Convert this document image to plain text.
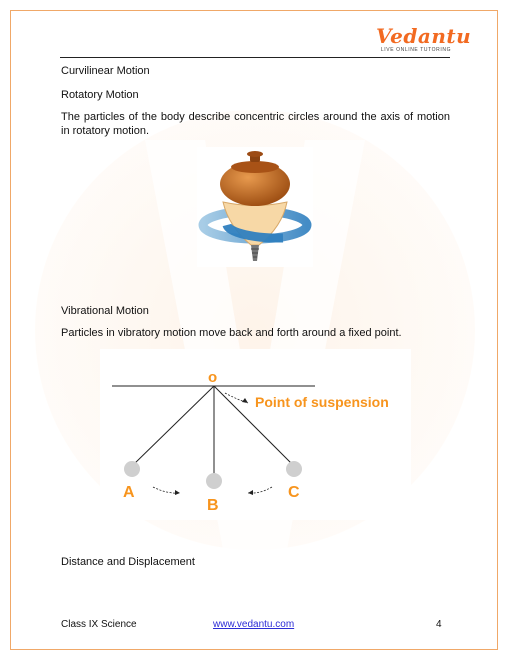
Vedantu
LIVE ONLINE TUTORING
Curvilinear Motion
Rotatory Motion
The particles of the body describe concentric circles around the axis of motion in rotatory motion.
Vibrational Motion
Particles in vibratory motion move back and forth around a fixed point.
o
Point of suspension
A
B
C
Distance and Displacement
Class IX Science	www.vedantu.com	4
